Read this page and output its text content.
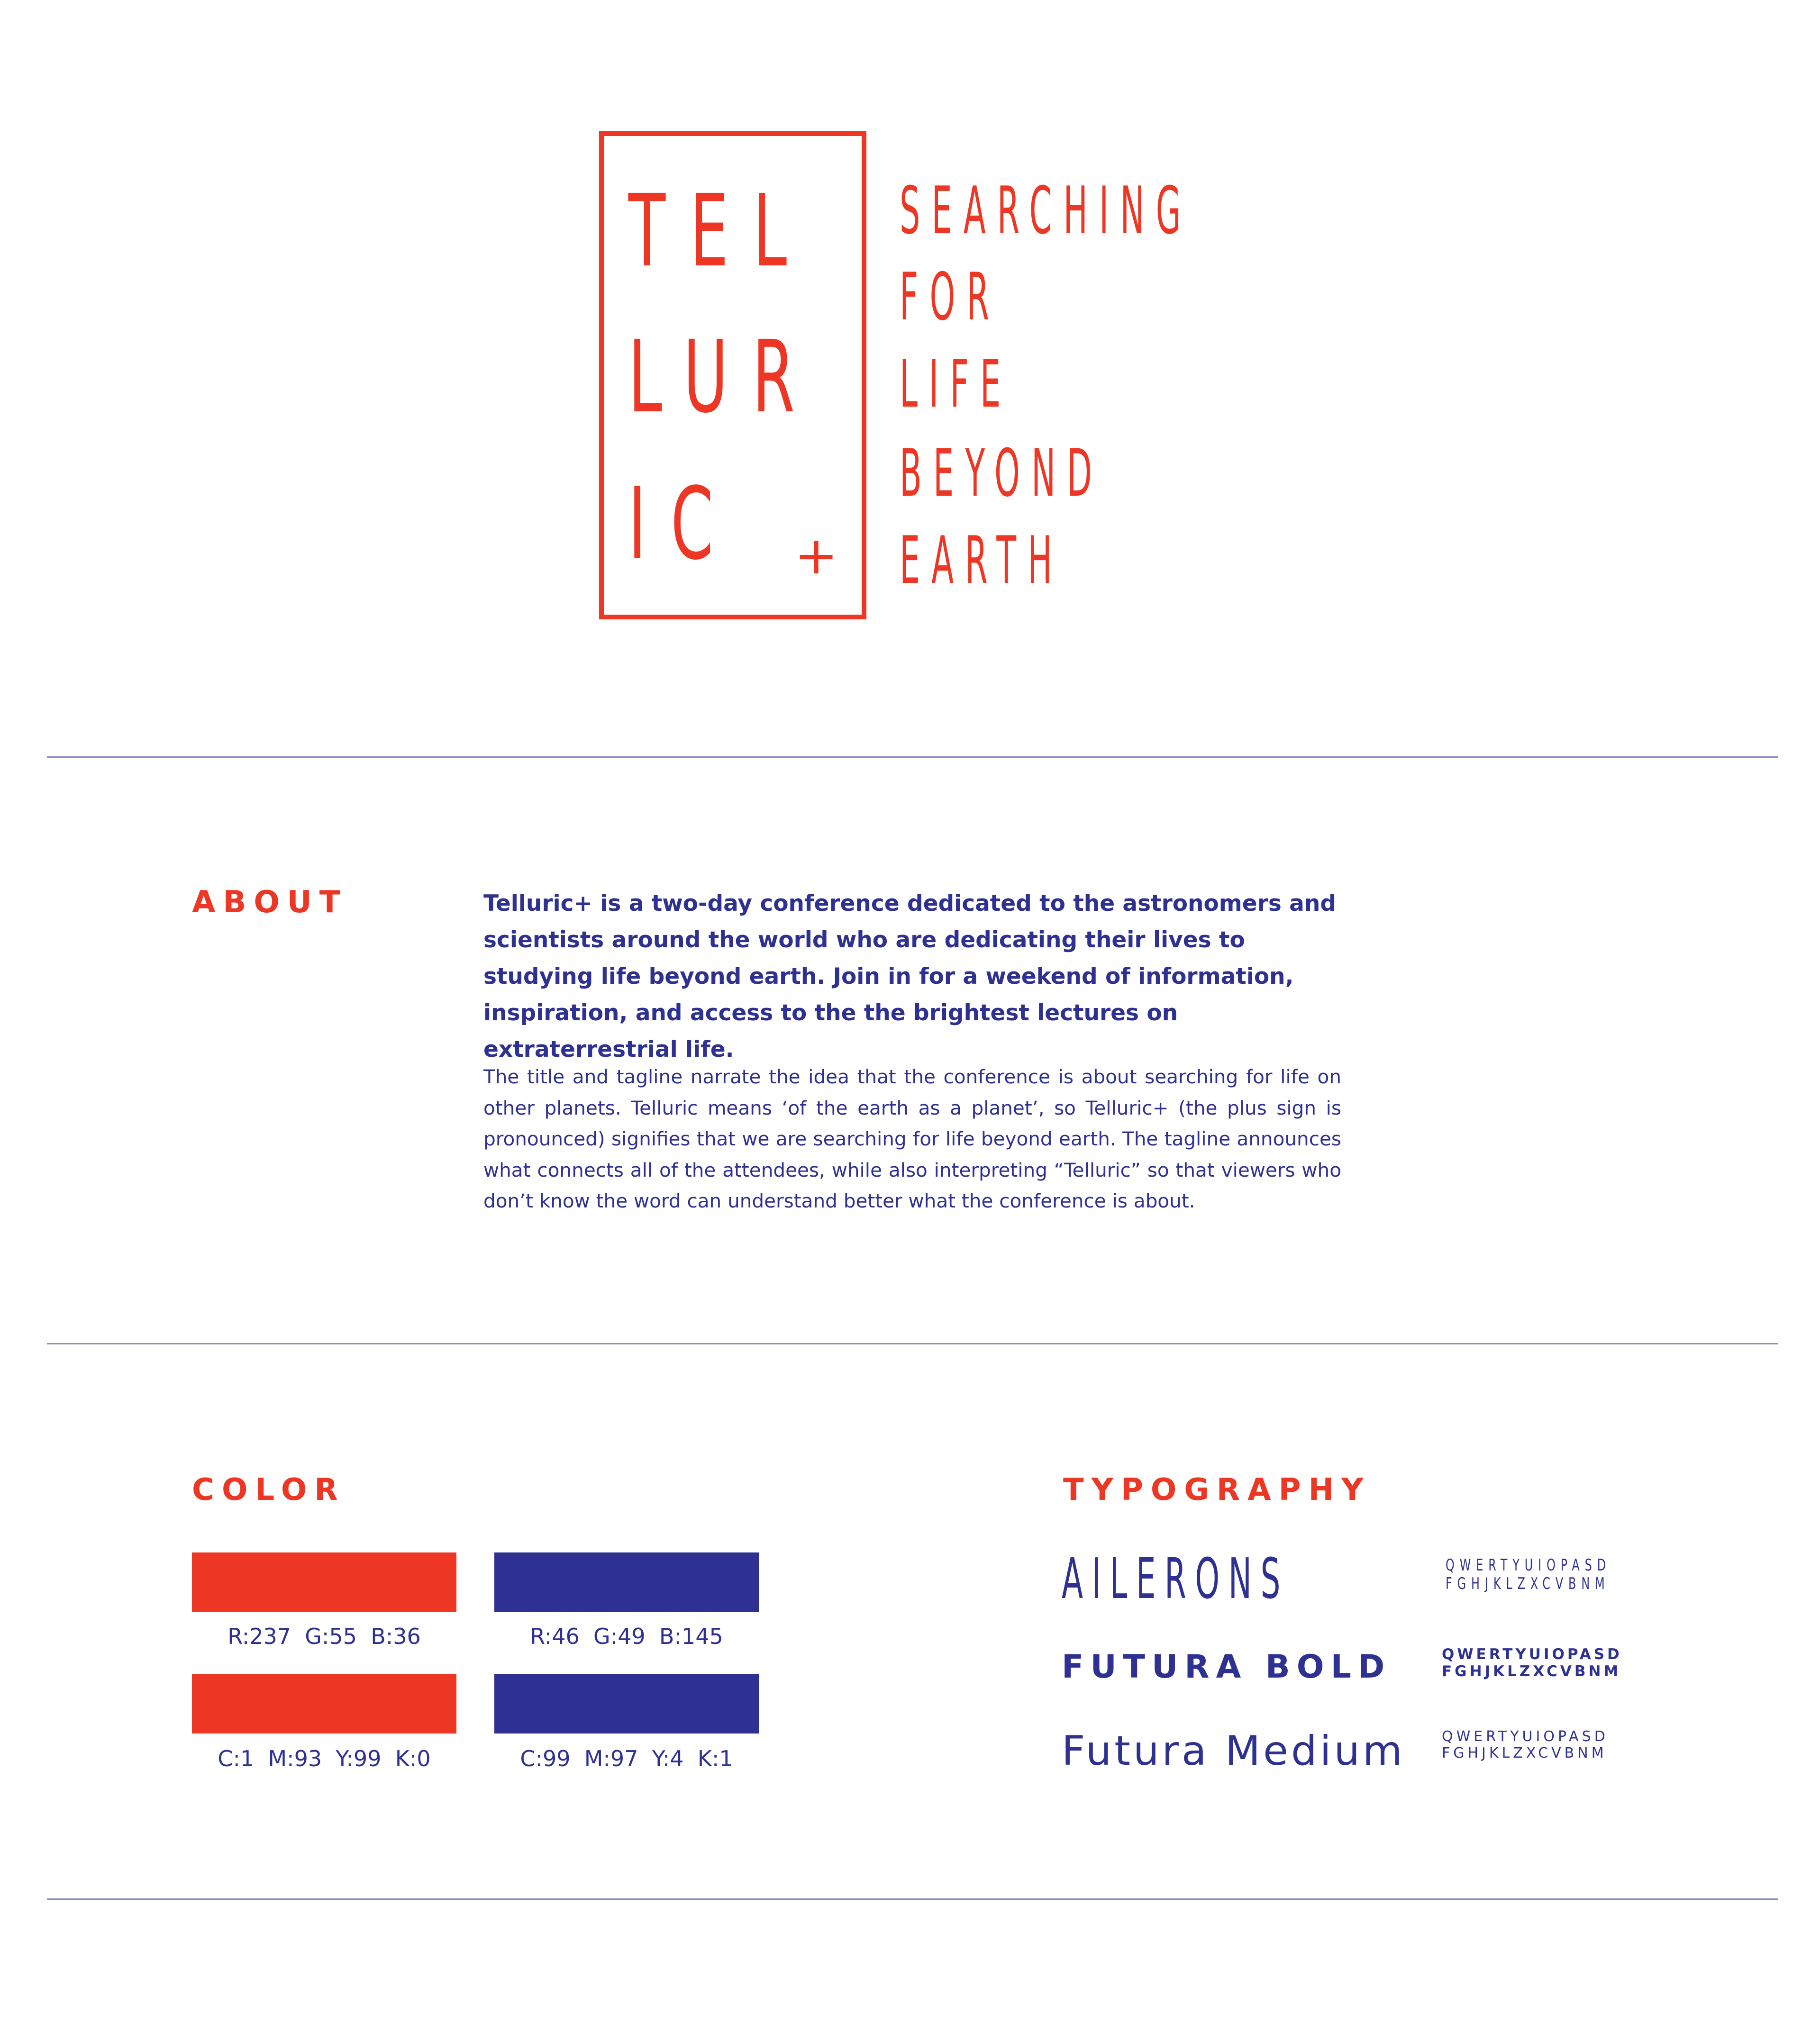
TEL
LUR
IC	+
SEARCHING
FOR
LIFE
BEYOND
EARTH
ABOUT	Telluric+ is a two-day conference dedicated to the astronomers and scientists around the world who are dedicating their lives to studying life beyond earth. Join in for a weekend of information, inspiration, and access to the the brightest lectures on extraterrestrial life.
The title and tagline narrate the idea that the conference is about searching for life on other planets. Telluric means ‘of the earth as a planet’, so Telluric+ (the plus sign is pronounced) signifies that we are searching for life beyond earth. The tagline announces what connects all of the attendees, while also interpreting “Telluric” so that viewers who don’t know the word can understand better what the conference is about.
COLOR
R:237  G:55  B:36	R:46  G:49  B:145
C:1  M:93  Y:99  K:0	C:99  M:97  Y:4  K:1
TYPOGRAPHY
AILERONS	QWERTYUIOPASD
FGHJKLZXCVBNM
FUTURA BOLD	QWERTYUIOPASD
FGHJKLZXCVBNM
Futura Medium	QWERTYUIOPASD
FGHJKLZXCVBNM
